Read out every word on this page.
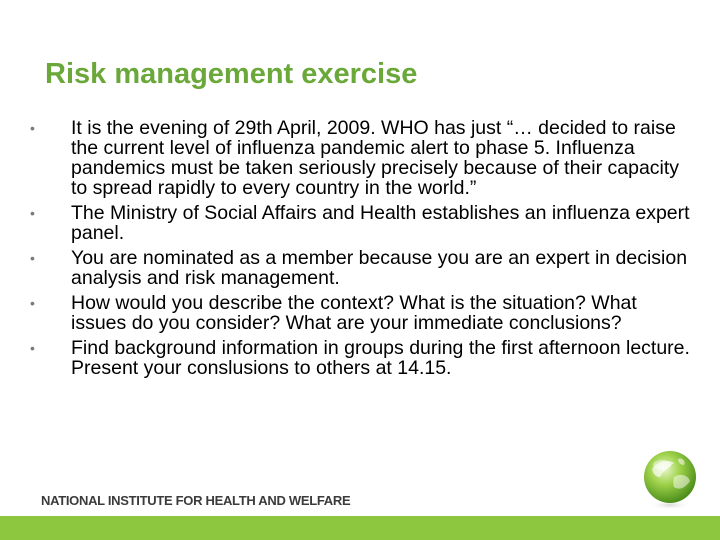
Risk management exercise
• It is the evening of 29th April, 2009. WHO has just “… decided to raise the current level of influenza pandemic alert to phase 5. Influenza pandemics must be taken seriously precisely because of their capacity to spread rapidly to every country in the world.”
• The Ministry of Social Affairs and Health establishes an influenza expert panel.
• You are nominated as a member because you are an expert in decision analysis and risk management.
• How would you describe the context? What is the situation? What issues do you consider? What are your immediate conclusions?
• Find background information in groups during the first afternoon lecture. Present your conslusions to others at 14.15.
NATIONAL INSTITUTE FOR HEALTH AND WELFARE
